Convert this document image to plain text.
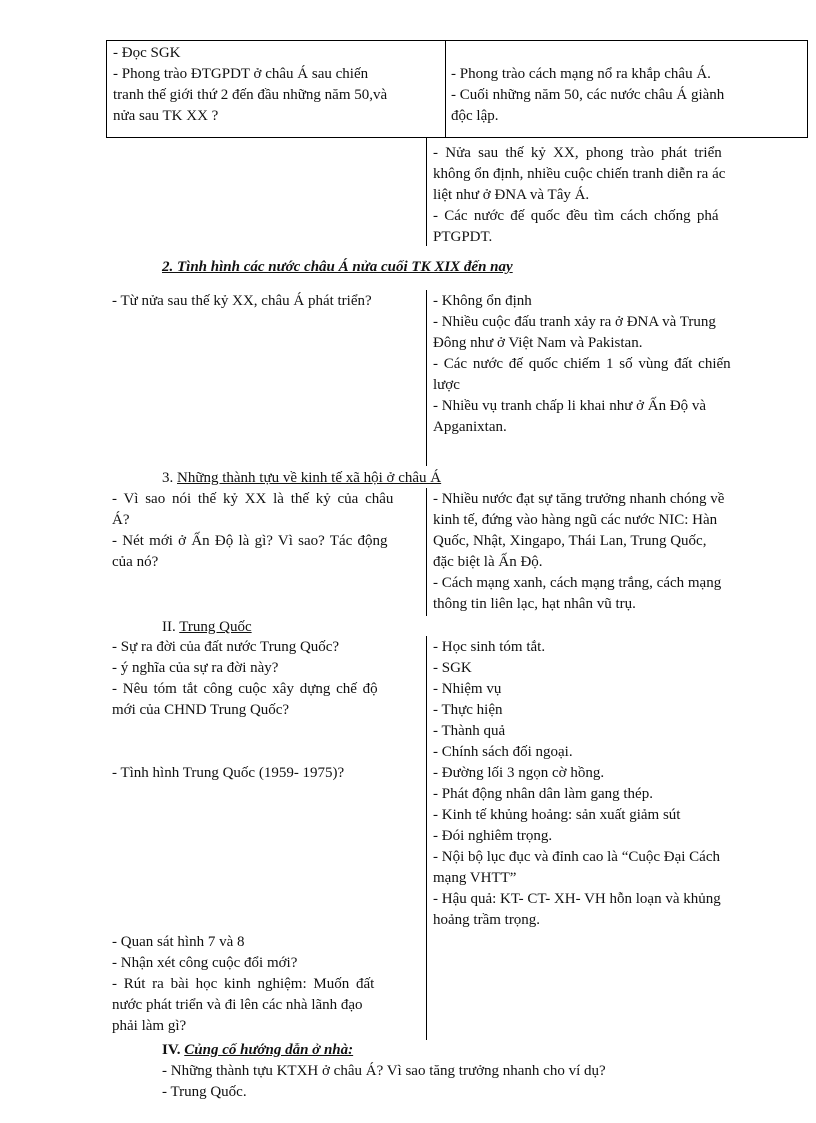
- Đọc SGK
- Phong trào ĐTGPDT ở châu Á sau chiến
tranh thế giới thứ 2 đến đầu những năm 50,và
nửa sau TK XX ?
- Phong trào cách mạng nổ ra khắp châu Á.
- Cuối những năm 50, các nước châu Á giành
độc lập.
- Nửa sau thế kỷ XX, phong trào phát triển
không ổn định, nhiều cuộc chiến tranh diễn ra ác
liệt như ở ĐNA và Tây Á.
- Các nước đế quốc đều tìm cách chống phá
PTGPDT.
2. Tình hình các nước châu Á nửa cuối TK XIX đến nay
- Từ nửa sau thế kỷ XX, châu Á phát triển?	- Không ổn định
- Nhiều cuộc đấu tranh xảy ra ở ĐNA và Trung
Đông như ở Việt Nam và Pakistan.
- Các nước đế quốc chiếm 1 số vùng đất chiến
lược
- Nhiều vụ tranh chấp li khai như ở Ấn Độ và
Apganixtan.
3. Những thành tựu về kinh tế xã hội ở châu Á
- Vì sao nói thế kỷ XX là thế kỷ của châu
Á?
- Nét mới ở Ấn Độ là gì? Vì sao? Tác động
của nó?
- Nhiều nước đạt sự tăng trưởng nhanh chóng về
kinh tế, đứng vào hàng ngũ các nước NIC: Hàn
Quốc, Nhật, Xingapo, Thái Lan, Trung Quốc,
đặc biệt là Ấn Độ.
- Cách mạng xanh, cách mạng trắng, cách mạng
thông tin liên lạc, hạt nhân vũ trụ.
II. Trung Quốc
- Sự ra đời của đất nước Trung Quốc?
- ý nghĩa của sự ra đời này?
- Nêu tóm tắt công cuộc xây dựng chế độ
mới của CHND Trung Quốc?
- Tình hình Trung Quốc (1959- 1975)?
- Quan sát hình 7 và 8
- Nhận xét công cuộc đổi mới?
- Rút ra bài học kinh nghiệm: Muốn đất
nước phát triển và đi lên các nhà lãnh đạo
phải làm gì?
- Học sinh tóm tắt.
- SGK
- Nhiệm vụ
- Thực hiện
- Thành quả
- Chính sách đối ngoại.
- Đường lối 3 ngọn cờ hồng.
- Phát động nhân dân làm gang thép.
- Kinh tế khủng hoảng: sản xuất giảm sút
- Đói nghiêm trọng.
- Nội bộ lục đục và đỉnh cao là “Cuộc Đại Cách
mạng VHTT”
- Hậu quả: KT- CT- XH- VH hỗn loạn và khủng
hoảng trầm trọng.
IV. Củng cố hướng dẫn ở nhà:
- Những thành tựu KTXH ở châu Á? Vì sao tăng trưởng nhanh cho ví dụ?
- Trung Quốc.
